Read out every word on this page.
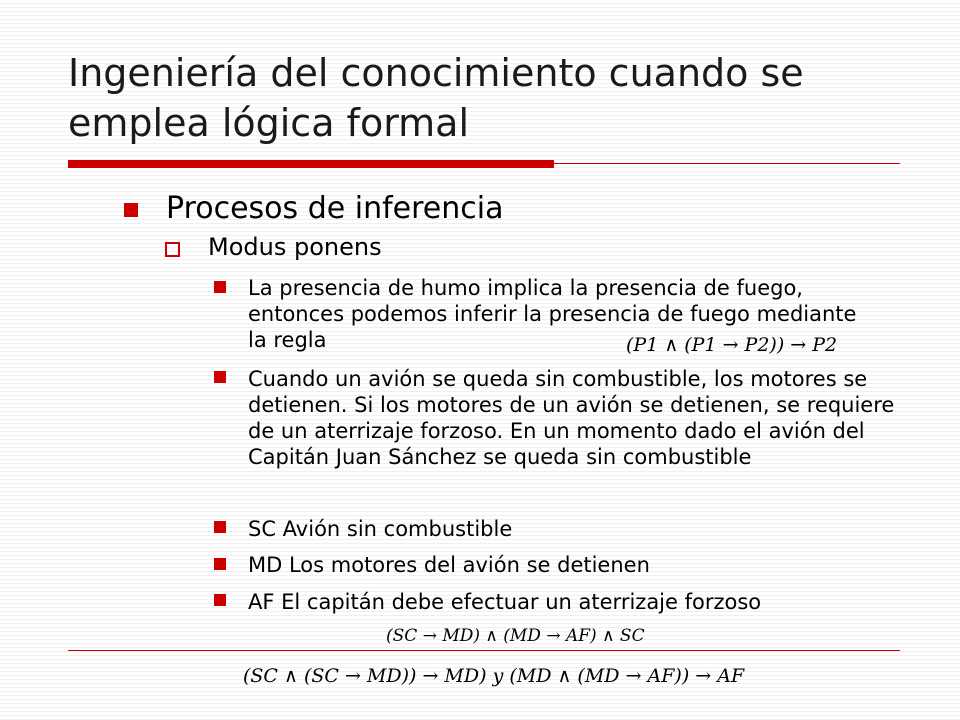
Ingeniería del conocimiento cuando se emplea lógica formal
Procesos de inferencia
Modus ponens
La presencia de humo implica la presencia de fuego, entonces podemos inferir la presencia de fuego mediante la regla
Cuando un avión se queda sin combustible, los motores se detienen. Si los motores de un avión se detienen, se requiere de un aterrizaje forzoso. En un momento dado el avión del Capitán Juan Sánchez se queda sin combustible
SC Avión sin combustible
MD Los motores del avión se detienen
AF El capitán debe efectuar un aterrizaje forzoso
(P1 ∧ (P1 → P2)) → P2
(SC → MD) ∧ (MD → AF) ∧ SC
(SC ∧ (SC → MD)) → MD) y (MD ∧ (MD → AF)) → AF
